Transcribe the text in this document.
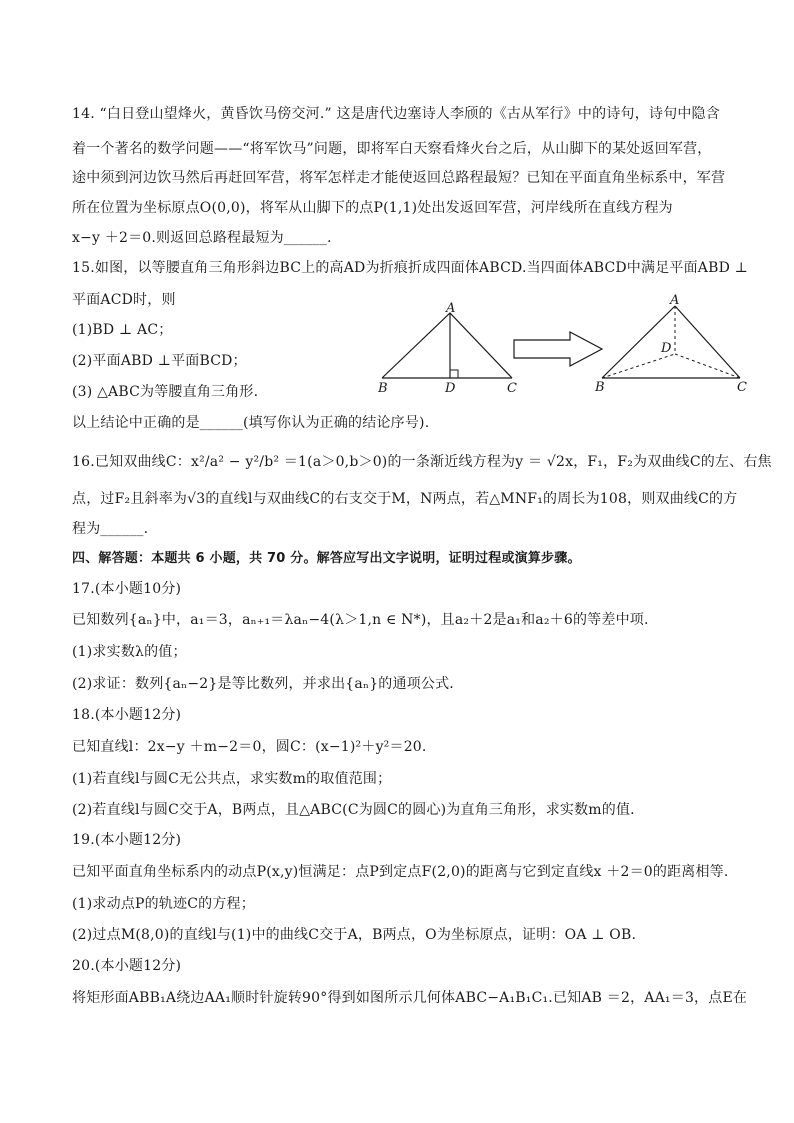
14. “白日登山望烽火，黄昏饮马傍交河.” 这是唐代边塞诗人李颀的《古从军行》中的诗句，诗句中隐含
着一个著名的数学问题——“将军饮马”问题，即将军白天察看烽火台之后，从山脚下的某处返回军营，
途中须到河边饮马然后再赶回军营，将军怎样走才能使返回总路程最短？已知在平面直角坐标系中，军营
所在位置为坐标原点O(0,0)，将军从山脚下的点P(1,1)处出发返回军营，河岸线所在直线方程为
x−y ＋2＝0.则返回总路程最短为______.
15.如图，以等腰直角三角形斜边BC上的高AD为折痕折成四面体ABCD.当四面体ABCD中满足平面ABD ⊥
平面ACD时，则
(1)BD ⊥ AC；
(2)平面ABD ⊥平面BCD；
(3) △ABC为等腰直角三角形.
以上结论中正确的是______(填写你认为正确的结论序号).
A
B	D	C
A
D
B	C
16.已知双曲线C：x²/a² − y²/b² ＝1(a＞0,b＞0)的一条渐近线方程为y ＝ √2x，F₁，F₂为双曲线C的左、右焦
点，过F₂且斜率为√3的直线l与双曲线C的右支交于M，N两点，若△MNF₁的周长为108，则双曲线C的方
程为______.
四、解答题：本题共 6 小题，共 70 分。解答应写出文字说明，证明过程或演算步骤。
17.(本小题10分)
已知数列{aₙ}中，a₁＝3，aₙ₊₁＝λaₙ−4(λ＞1,n ∈ N*)，且a₂＋2是a₁和a₂＋6的等差中项.
(1)求实数λ的值；
(2)求证：数列{aₙ−2}是等比数列，并求出{aₙ}的通项公式.
18.(本小题12分)
已知直线l：2x−y ＋m−2＝0，圆C：(x−1)²＋y²＝20.
(1)若直线l与圆C无公共点，求实数m的取值范围；
(2)若直线l与圆C交于A，B两点，且△ABC(C为圆C的圆心)为直角三角形，求实数m的值.
19.(本小题12分)
已知平面直角坐标系内的动点P(x,y)恒满足：点P到定点F(2,0)的距离与它到定直线x ＋2＝0的距离相等.
(1)求动点P的轨迹C的方程；
(2)过点M(8,0)的直线l与(1)中的曲线C交于A，B两点，O为坐标原点，证明：OA ⊥ OB.
20.(本小题12分)
将矩形面ABB₁A绕边AA₁顺时针旋转90°得到如图所示几何体ABC−A₁B₁C₁.已知AB ＝2，AA₁＝3，点E在
